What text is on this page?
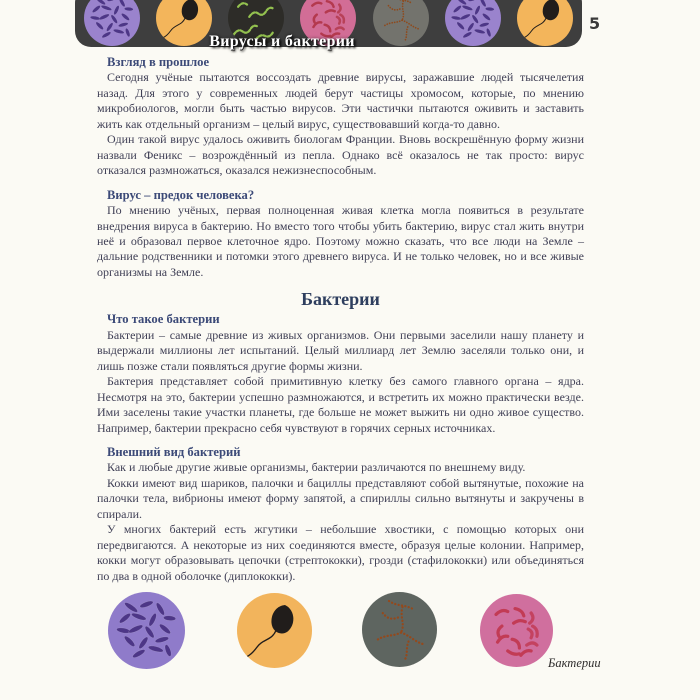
Вирусы и бактерии
5
Взгляд в прошлое

Сегодня учёные пытаются воссоздать древние вирусы, заражавшие людей тысячелетия назад. Для этого у современных людей берут частицы хромосом, которые, по мнению микробиологов, могли быть частью вирусов. Эти частички пытаются оживить и заставить жить как отдельный организм – целый вирус, существовавший когда-то давно.

Один такой вирус удалось оживить биологам Франции. Вновь воскрешённую форму жизни назвали Феникс – возрождённый из пепла. Однако всё оказалось не так просто: вирус отказался размножаться, оказался нежизнеспособным.

Вирус – предок человека?

По мнению учёных, первая полноценная живая клетка могла появиться в результате внедрения вируса в бактерию. Но вместо того чтобы убить бактерию, вирус стал жить внутри неё и образовал первое клеточное ядро. Поэтому можно сказать, что все люди на Земле – дальние родственники и потомки этого древнего вируса. И не только человек, но и все живые организмы на Земле.

Бактерии
Что такое бактерии

Бактерии – самые древние из живых организмов. Они первыми заселили нашу планету и выдержали миллионы лет испытаний. Целый миллиард лет Землю заселяли только они, и лишь позже стали появляться другие формы жизни.

Бактерия представляет собой примитивную клетку без самого главного органа – ядра. Несмотря на это, бактерии успешно размножаются, и встретить их можно практически везде. Ими заселены такие участки планеты, где больше не может выжить ни одно живое существо. Например, бактерии прекрасно себя чувствуют в горячих серных источниках.

Внешний вид бактерий

Как и любые другие живые организмы, бактерии различаются по внешнему виду.

Кокки имеют вид шариков, палочки и бациллы представляют собой вытянутые, похожие на палочки тела, вибрионы имеют форму запятой, а спириллы сильно вытянуты и закручены в спирали.

У многих бактерий есть жгутики – небольшие хвостики, с помощью которых они передвигаются. А некоторые из них соединяются вместе, образуя целые колонии. Например, кокки могут образовывать цепочки (стрептококки), грозди (стафилококки) или объединяться по два в одной оболочке (диплококки).

Бактерии
